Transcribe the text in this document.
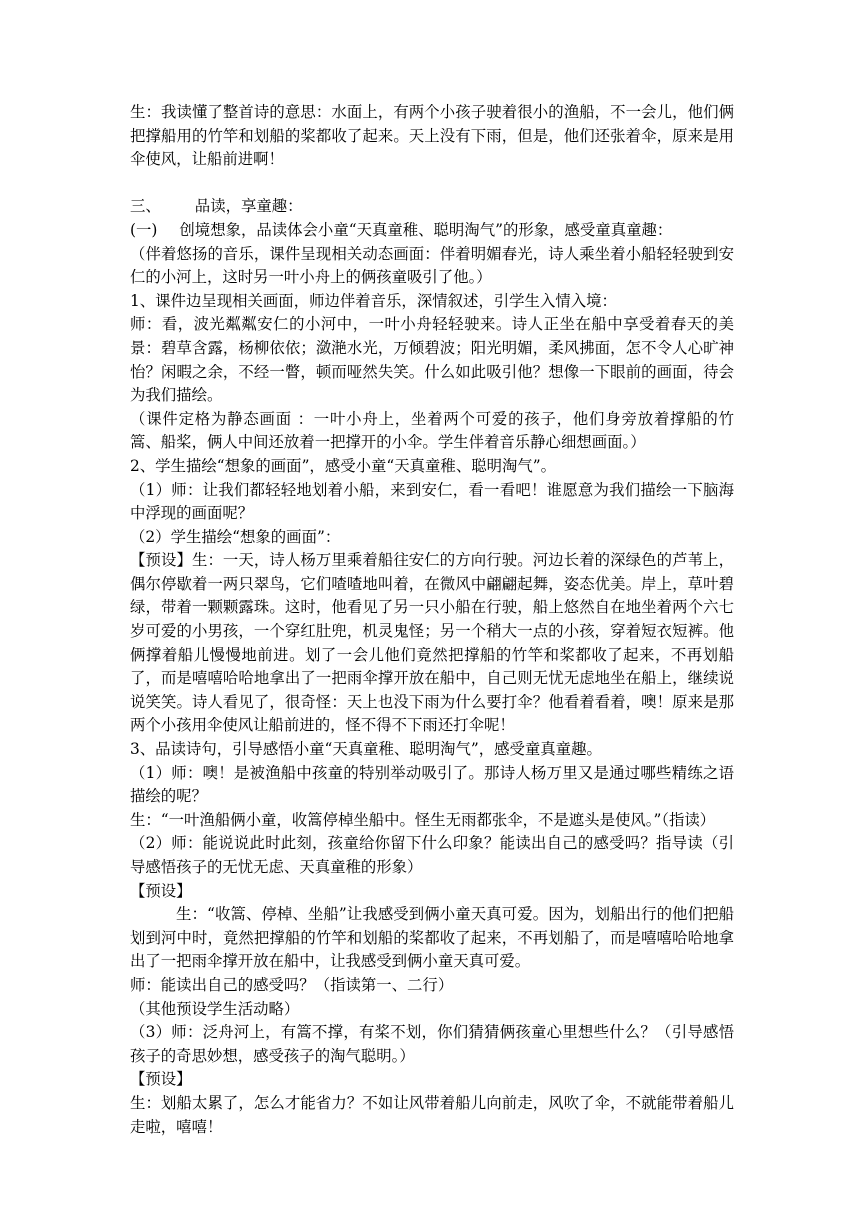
生：我读懂了整首诗的意思：水面上，有两个小孩子驶着很小的渔船，不一会儿，他们俩把撑船用的竹竿和划船的桨都收了起来。天上没有下雨，但是，他们还张着伞，原来是用伞使风，让船前进啊！

三、 品读，享童趣：

(一) 创境想象，品读体会小童“天真童稚、聪明淘气”的形象，感受童真童趣：

（伴着悠扬的音乐，课件呈现相关动态画面：伴着明媚春光，诗人乘坐着小船轻轻驶到安仁的小河上，这时另一叶小舟上的俩孩童吸引了他。）

1、课件边呈现相关画面，师边伴着音乐，深情叙述，引学生入情入境：

师：看，波光粼粼安仁的小河中，一叶小舟轻轻驶来。诗人正坐在船中享受着春天的美景：碧草含露，杨柳依依；潋滟水光，万倾碧波；阳光明媚，柔风拂面，怎不令人心旷神怡？闲暇之余，不经一瞥，顿而哑然失笑。什么如此吸引他？想像一下眼前的画面，待会为我们描绘。

（课件定格为静态画面 ：一叶小舟上，坐着两个可爱的孩子，他们身旁放着撑船的竹篙、船桨，俩人中间还放着一把撑开的小伞。学生伴着音乐静心细想画面。）

2、学生描绘“想象的画面”，感受小童“天真童稚、聪明淘气”。

（1）师：让我们都轻轻地划着小船，来到安仁，看一看吧！谁愿意为我们描绘一下脑海中浮现的画面呢？

（2）学生描绘“想象的画面”：

【预设】生：一天，诗人杨万里乘着船往安仁的方向行驶。河边长着的深绿色的芦苇上，偶尔停歇着一两只翠鸟，它们喳喳地叫着，在微风中翩翩起舞，姿态优美。岸上，草叶碧绿，带着一颗颗露珠。这时，他看见了另一只小船在行驶，船上悠然自在地坐着两个六七岁可爱的小男孩，一个穿红肚兜，机灵鬼怪；另一个稍大一点的小孩，穿着短衣短裤。他俩撑着船儿慢慢地前进。划了一会儿他们竟然把撑船的竹竿和桨都收了起来，不再划船了，而是嘻嘻哈哈地拿出了一把雨伞撑开放在船中，自己则无忧无虑地坐在船上，继续说说笑笑。诗人看见了，很奇怪：天上也没下雨为什么要打伞？他看着看着，噢！原来是那两个小孩用伞使风让船前进的，怪不得不下雨还打伞呢！

3、品读诗句，引导感悟小童“天真童稚、聪明淘气”，感受童真童趣。

（1）师：噢！是被渔船中孩童的特别举动吸引了。那诗人杨万里又是通过哪些精练之语描绘的呢？

生：“一叶渔船俩小童，收篙停棹坐船中。怪生无雨都张伞，不是遮头是使风。”（指读）

（2）师：能说说此时此刻，孩童给你留下什么印象？能读出自己的感受吗？指导读（引导感悟孩子的无忧无虑、天真童稚的形象）

【预设】

生：“收篙、停棹、坐船”让我感受到俩小童天真可爱。因为，划船出行的他们把船划到河中时，竟然把撑船的竹竿和划船的桨都收了起来，不再划船了，而是嘻嘻哈哈地拿出了一把雨伞撑开放在船中，让我感受到俩小童天真可爱。

师：能读出自己的感受吗？（指读第一、二行）

（其他预设学生活动略）

（3）师：泛舟河上，有篙不撑，有桨不划，你们猜猜俩孩童心里想些什么？（引导感悟孩子的奇思妙想，感受孩子的淘气聪明。）

【预设】

生：划船太累了，怎么才能省力？不如让风带着船儿向前走，风吹了伞，不就能带着船儿走啦，嘻嘻！
